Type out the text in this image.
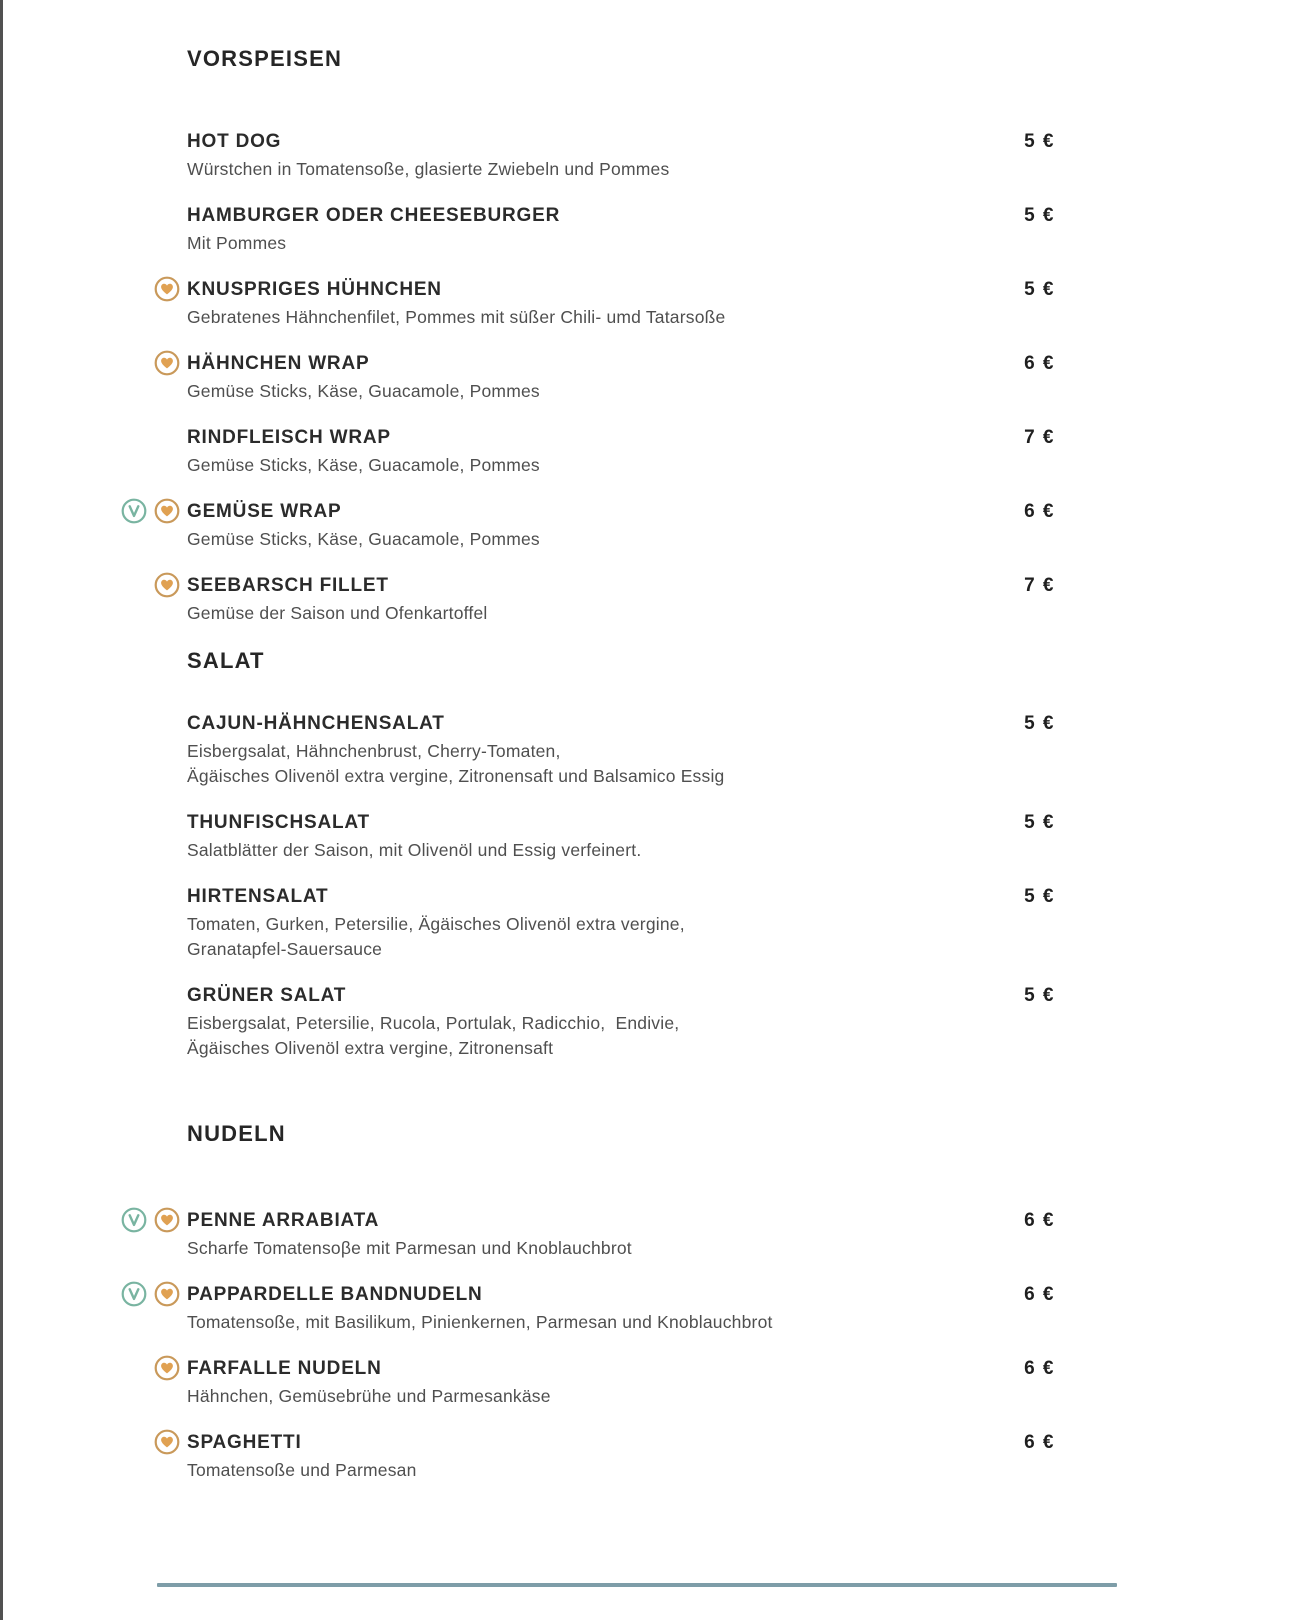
VORSPEISEN
HOT DOG
Würstchen in Tomatensoße, glasierte Zwiebeln und Pommes
5 €
HAMBURGER ODER CHEESEBURGER
Mit Pommes
5 €
KNUSPRIGES HÜHNCHEN
Gebratenes Hähnchenfilet, Pommes mit süßer Chili- umd Tatarsoße
5 €
HÄHNCHEN WRAP
Gemüse Sticks, Käse, Guacamole, Pommes
6 €
RINDFLEISCH WRAP
Gemüse Sticks, Käse, Guacamole, Pommes
7 €
GEMÜSE WRAP
Gemüse Sticks, Käse, Guacamole, Pommes
6 €
SEEBARSCH FILLET
Gemüse der Saison und Ofenkartoffel
7 €
SALAT
CAJUN-HÄHNCHENSALAT
Eisbergsalat, Hähnchenbrust, Cherry-Tomaten,
Ägäisches Olivenöl extra vergine, Zitronensaft und Balsamico Essig
5 €
THUNFISCHSALAT
Salatblätter der Saison, mit Olivenöl und Essig verfeinert.
5 €
HIRTENSALAT
Tomaten, Gurken, Petersilie, Ägäisches Olivenöl extra vergine,
Granatapfel-Sauersauce
5 €
GRÜNER SALAT
Eisbergsalat, Petersilie, Rucola, Portulak, Radicchio,  Endivie,
Ägäisches Olivenöl extra vergine, Zitronensaft
5 €
NUDELN
PENNE ARRABIATA
Scharfe Tomatensoβe mit Parmesan und Knoblauchbrot
6 €
PAPPARDELLE BANDNUDELN
Tomatensoße, mit Basilikum, Pinienkernen, Parmesan und Knoblauchbrot
6 €
FARFALLE NUDELN
Hähnchen, Gemüsebrühe und Parmesankäse
6 €
SPAGHETTI
Tomatensoße und Parmesan
6 €
